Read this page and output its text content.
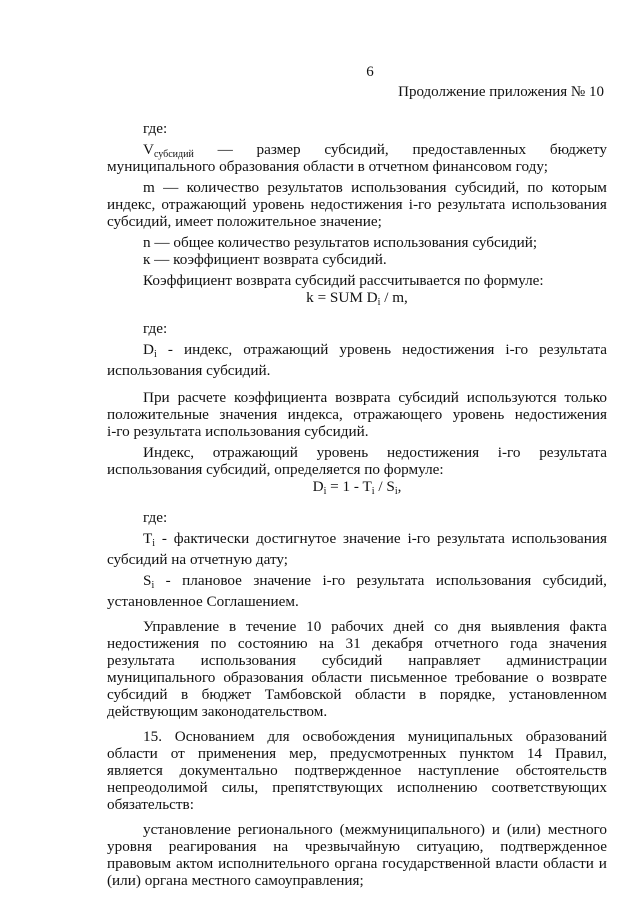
6
Продолжение приложения № 10
где:
$V_{субсидий}$ — размер субсидий, предоставленных бюджету
муниципального образования области в отчетном финансовом году;
m — количество результатов использования субсидий, по которым
индекс, отражающий уровень недостижения i-го результата использования
субсидий, имеет положительное значение;
n — общее количество результатов использования субсидий;
к — коэффициент возврата субсидий.
Коэффициент возврата субсидий рассчитывается по формуле:
k = SUM $D_i$ / m,
где:
$D_i$ - индекс, отражающий уровень недостижения i-го результата
использования субсидий.
При расчете коэффициента возврата субсидий используются только
положительные значения индекса, отражающего уровень недостижения
i-го результата использования субсидий.
Индекс, отражающий уровень недостижения i-го результата
использования субсидий, определяется по формуле:
$D_i = 1 - T_i / S_i$,
где:
$T_i$ - фактически достигнутое значение i-го результата использования
субсидий на отчетную дату;
$S_i$ - плановое значение i-го результата использования субсидий,
установленное Соглашением.
Управление в течение 10 рабочих дней со дня выявления факта
недостижения по состоянию на 31 декабря отчетного года значения
результата использования субсидий направляет администрации
муниципального образования области письменное требование о возврате
субсидий в бюджет Тамбовской области в порядке, установленном
действующим законодательством.
15. Основанием для освобождения муниципальных образований
области от применения мер, предусмотренных пунктом 14 Правил,
является документально подтвержденное наступление обстоятельств
непреодолимой силы, препятствующих исполнению соответствующих
обязательств:
установление регионального (межмуниципального) и (или) местного
уровня реагирования на чрезвычайную ситуацию, подтвержденное
правовым актом исполнительного органа государственной власти области и
(или) органа местного самоуправления;
